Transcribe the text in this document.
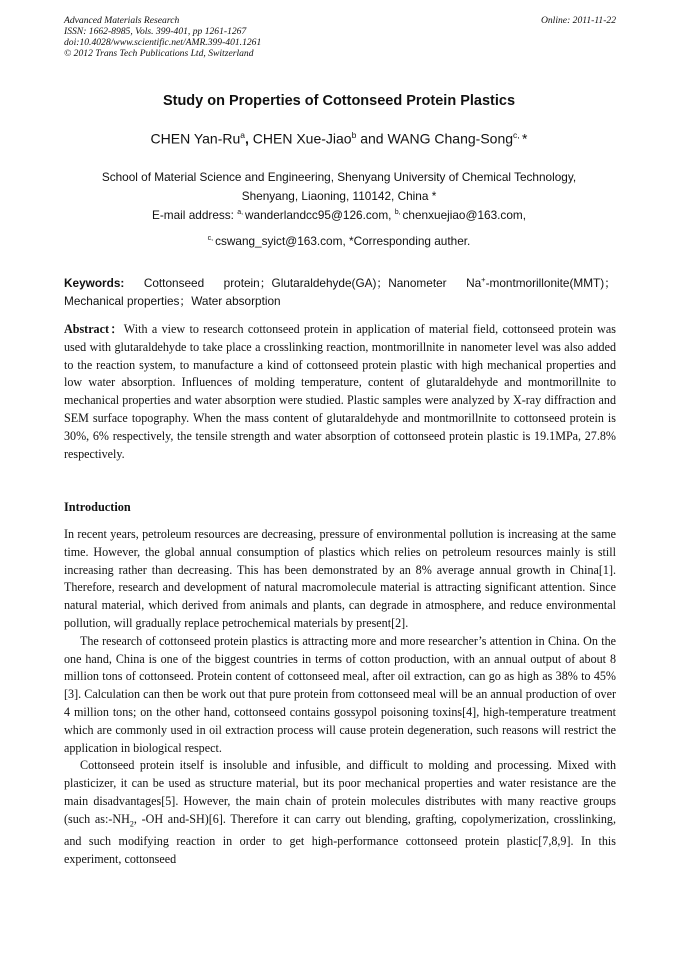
Advanced Materials Research
ISSN: 1662-8985, Vols. 399-401, pp 1261-1267
doi:10.4028/www.scientific.net/AMR.399-401.1261
© 2012 Trans Tech Publications Ltd, Switzerland
Online: 2011-11-22
Study on Properties of Cottonseed Protein Plastics
CHEN Yan-Ru$^a$, CHEN Xue-Jiao$^b$ and WANG Chang-Song$^{c,}$ *
School of Material Science and Engineering, Shenyang University of Chemical Technology,
Shenyang, Liaoning, 110142, China *
E-mail address: $^{a,}$ wanderlandcc95@126.com, $^{b,}$ chenxuejiao@163.com,
$^{c,}$ cswang_syict@163.com, *Corresponding auther.
Keywords: Cottonseed protein；Glutaraldehyde(GA)；Nanometer Na+-montmorillonite(MMT)；Mechanical properties；Water absorption
Abstract：With a view to research cottonseed protein in application of material field, cottonseed protein was used with glutaraldehyde to take place a crosslinking reaction, montmorillnite in nanometer level was also added to the reaction system, to manufacture a kind of cottonseed protein plastic with high mechanical properties and low water absorption. Influences of molding temperature, content of glutaraldehyde and montmorillnite to mechanical properties and water absorption were studied. Plastic samples were analyzed by X-ray diffraction and SEM surface topography. When the mass content of glutaraldehyde and montmorillnite to cottonseed protein is 30%, 6% respectively, the tensile strength and water absorption of cottonseed protein plastic is 19.1MPa, 27.8% respectively.
Introduction

In recent years, petroleum resources are decreasing, pressure of environmental pollution is increasing at the same time. However, the global annual consumption of plastics which relies on petroleum resources mainly is still increasing rather than decreasing. This has been demonstrated by an 8% average annual growth in China[1]. Therefore, research and development of natural macromolecule material is attracting significant attention. Since natural material, which derived from animals and plants, can degrade in atmosphere, and reduce environmental pollution, will gradually replace petrochemical materials by present[2].

The research of cottonseed protein plastics is attracting more and more researcher’s attention in China. On the one hand, China is one of the biggest countries in terms of cotton production, with an annual output of about 8 million tons of cottonseed. Protein content of cottonseed meal, after oil extraction, can go as high as 38% to 45%[3]. Calculation can then be work out that pure protein from cottonseed meal will be an annual production of over 4 million tons; on the other hand, cottonseed contains gossypol poisoning toxins[4], high-temperature treatment which are commonly used in oil extraction process will cause protein degeneration, such reasons will restrict the application in biological respect.

Cottonseed protein itself is insoluble and infusible, and difficult to molding and processing. Mixed with plasticizer, it can be used as structure material, but its poor mechanical properties and water resistance are the main disadvantages[5]. However, the main chain of protein molecules distributes with many reactive groups (such $as:-NH_2$, -OH and-SH)[6]. Therefore it can carry out blending, grafting, copolymerization, crosslinking, and such modifying reaction in order to get high-performance cottonseed protein plastic[7,8,9]. In this experiment, cottonseed
